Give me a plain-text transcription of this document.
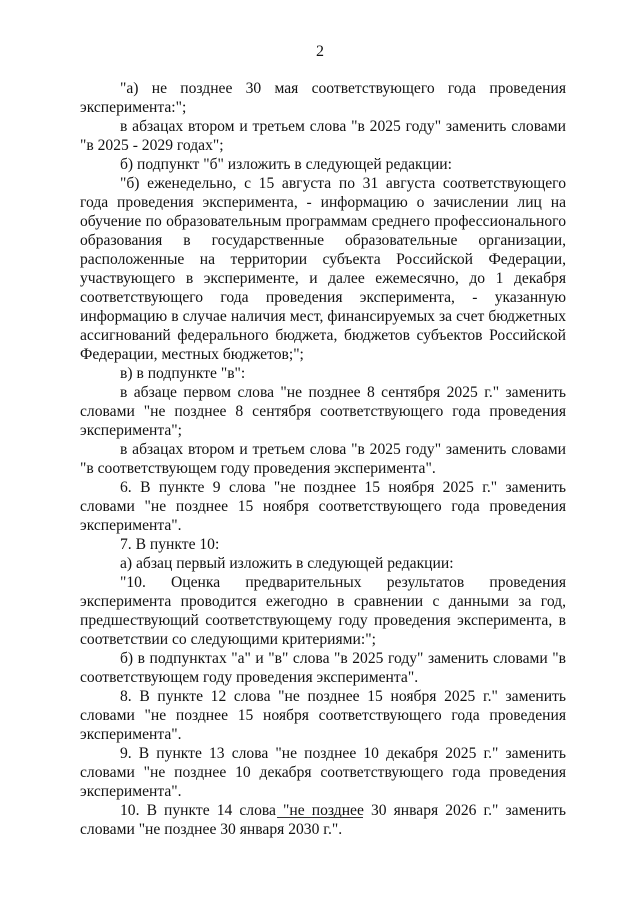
2

"а) не позднее 30 мая соответствующего года проведения эксперимента:";

в абзацах втором и третьем слова "в 2025 году" заменить словами "в 2025 - 2029 годах";

б) подпункт "б" изложить в следующей редакции:

"б) еженедельно, с 15 августа по 31 августа соответствующего года проведения эксперимента, - информацию о зачислении лиц на обучение по образовательным программам среднего профессионального образования в государственные образовательные организации, расположенные на территории субъекта Российской Федерации, участвующего в эксперименте, и далее ежемесячно, до 1 декабря соответствующего года проведения эксперимента, - указанную информацию в случае наличия мест, финансируемых за счет бюджетных ассигнований федерального бюджета, бюджетов субъектов Российской Федерации, местных бюджетов;";

в) в подпункте "в":

в абзаце первом слова "не позднее 8 сентября 2025 г." заменить словами "не позднее 8 сентября соответствующего года проведения эксперимента";

в абзацах втором и третьем слова "в 2025 году" заменить словами "в соответствующем году проведения эксперимента".

6. В пункте 9 слова "не позднее 15 ноября 2025 г." заменить словами "не позднее 15 ноября соответствующего года проведения эксперимента".

7. В пункте 10:

а) абзац первый изложить в следующей редакции:

"10. Оценка предварительных результатов проведения эксперимента проводится ежегодно в сравнении с данными за год, предшествующий соответствующему году проведения эксперимента, в соответствии со следующими критериями:";

б) в подпунктах "а" и "в" слова "в 2025 году" заменить словами "в соответствующем году проведения эксперимента".

8. В пункте 12 слова "не позднее 15 ноября 2025 г." заменить словами "не позднее 15 ноября соответствующего года проведения эксперимента".

9. В пункте 13 слова "не позднее 10 декабря 2025 г." заменить словами "не позднее 10 декабря соответствующего года проведения эксперимента".

10. В пункте 14 слова "не позднее 30 января 2026 г." заменить словами "не позднее 30 января 2030 г.".
